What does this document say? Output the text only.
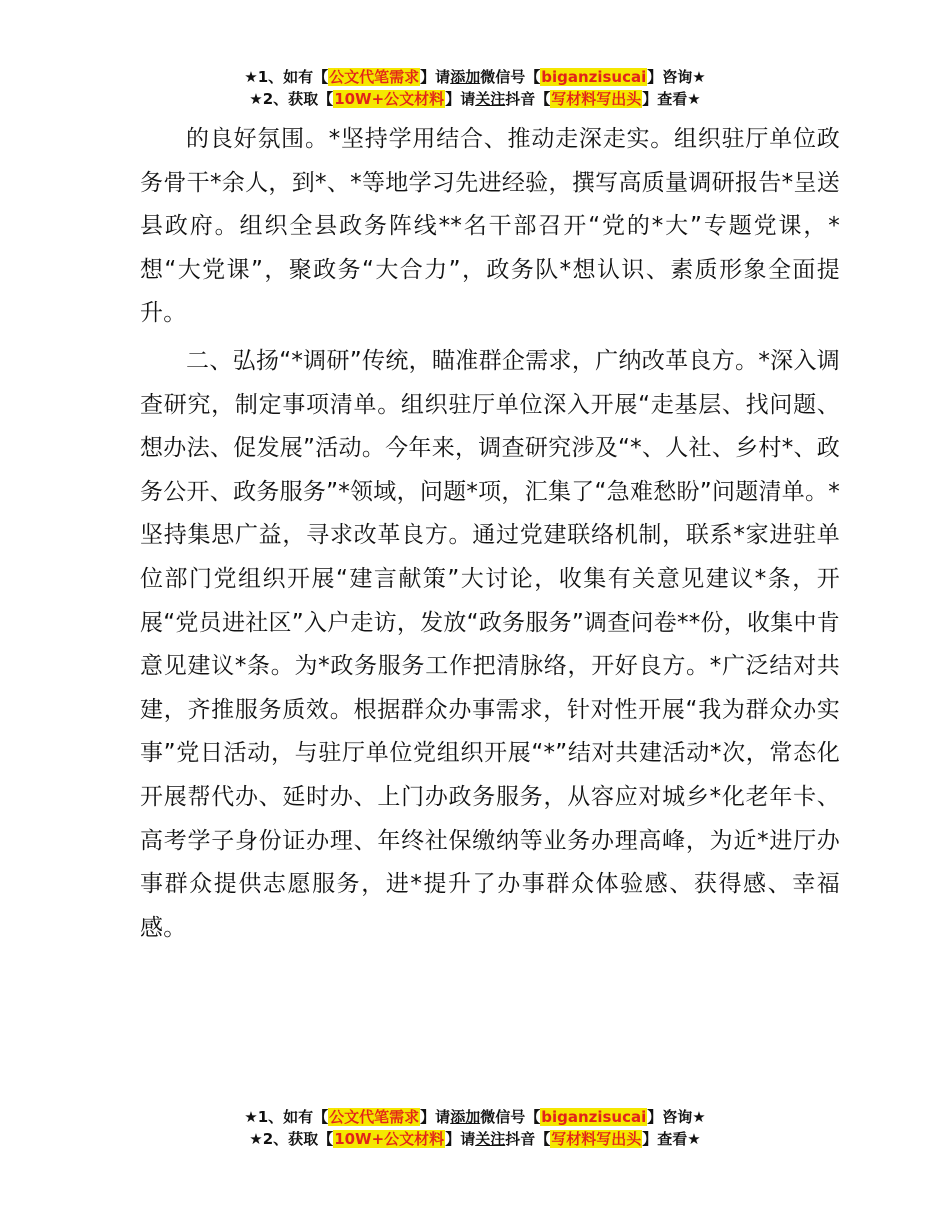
★1、如有【公文代笔需求】请添加微信号【biganzisucai】咨询★
★2、获取【10W+公文材料】请关注抖音【写材料写出头】查看★

的良好氛围。*坚持学用结合、推动走深走实。组织驻厅单位政务骨干*余人，到*、*等地学习先进经验，撰写高质量调研报告*呈送县政府。组织全县政务阵线**名干部召开“党的*大”专题党课，*想“大党课”，聚政务“大合力”，政务队*想认识、素质形象全面提升。

二、弘扬“*调研”传统，瞄准群企需求，广纳改革良方。*深入调查研究，制定事项清单。组织驻厅单位深入开展“走基层、找问题、想办法、促发展”活动。今年来，调查研究涉及“*、人社、乡村*、政务公开、政务服务”*领域，问题*项，汇集了“急难愁盼”问题清单。*坚持集思广益，寻求改革良方。通过党建联络机制，联系*家进驻单位部门党组织开展“建言献策”大讨论，收集有关意见建议*条，开展“党员进社区”入户走访，发放“政务服务”调查问卷**份，收集中肯意见建议*条。为*政务服务工作把清脉络，开好良方。*广泛结对共建，齐推服务质效。根据群众办事需求，针对性开展“我为群众办实事”党日活动，与驻厅单位党组织开展“*”结对共建活动*次，常态化开展帮代办、延时办、上门办政务服务，从容应对城乡*化老年卡、高考学子身份证办理、年终社保缴纳等业务办理高峰，为近*进厅办事群众提供志愿服务，进*提升了办事群众体验感、获得感、幸福感。

★1、如有【公文代笔需求】请添加微信号【biganzisucai】咨询★
★2、获取【10W+公文材料】请关注抖音【写材料写出头】查看★
